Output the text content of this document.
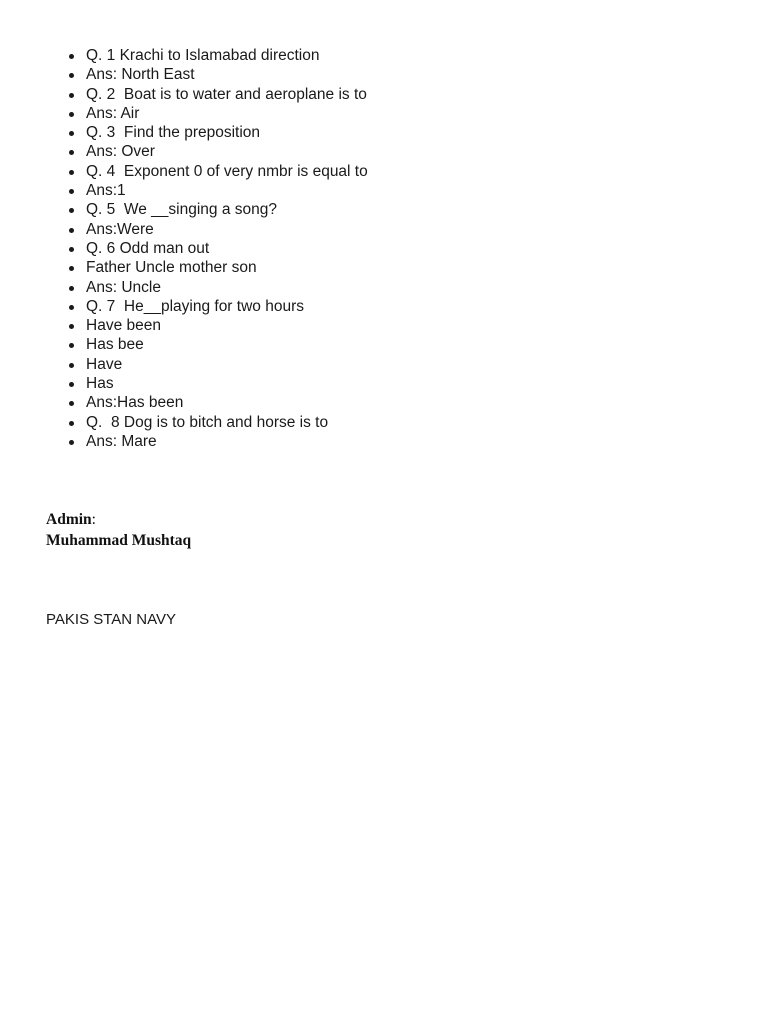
Q. 1 Krachi to Islamabad direction
Ans: North East
Q. 2  Boat is to water and aeroplane is to
Ans: Air
Q. 3  Find the preposition
Ans: Over
Q. 4  Exponent 0 of very nmbr is equal to
Ans:1
Q. 5  We __singing a song?
Ans:Were
Q. 6 Odd man out
Father Uncle mother son
Ans: Uncle
Q. 7  He__playing for two hours
Have been
Has bee
Have
Has
Ans:Has been
Q.  8 Dog is to bitch and horse is to
Ans: Mare
Admin:
Muhammad Mushtaq
PAKIS STAN NAVY
